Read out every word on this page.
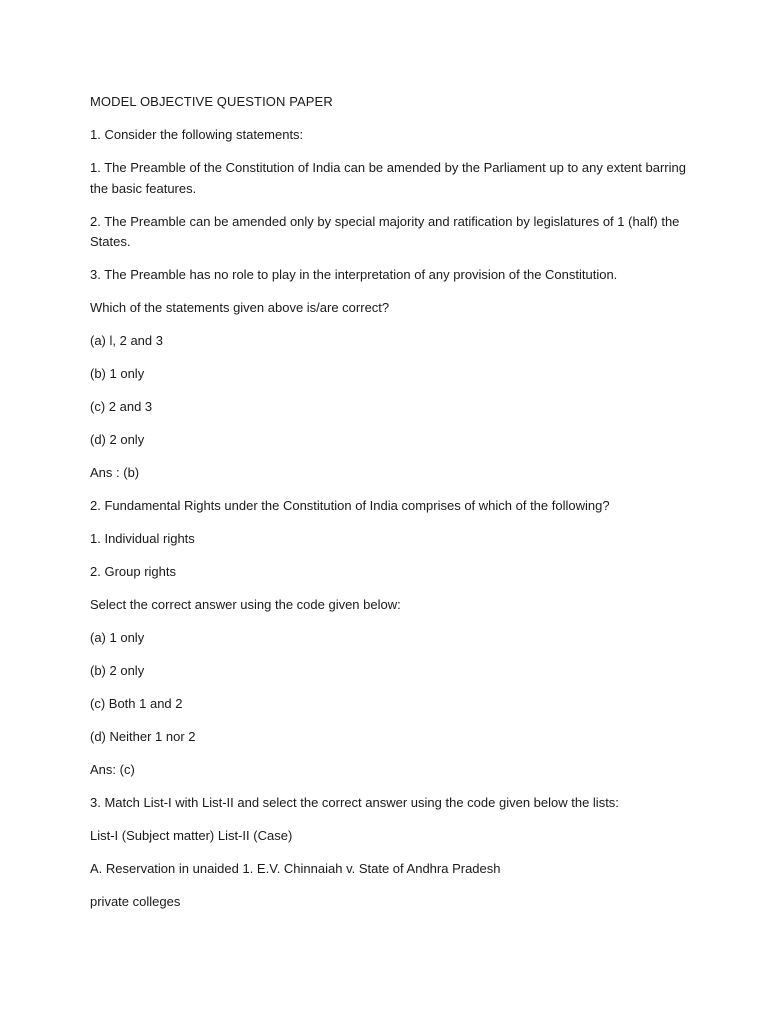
MODEL OBJECTIVE QUESTION PAPER
1. Consider the following statements:
1. The Preamble of the Constitution of India can be amended by the Parliament up to any extent barring the basic features.
2. The Preamble can be amended only by special majority and ratification by legislatures of 1 (half) the States.
3. The Preamble has no role to play in the interpretation of any provision of the Constitution.
Which of the statements given above is/are correct?
(a) l, 2 and 3
(b) 1 only
(c) 2 and 3
(d) 2 only
Ans : (b)
2. Fundamental Rights under the Constitution of India comprises of which of the following?
1. Individual rights
2. Group rights
Select the correct answer using the code given below:
(a) 1 only
(b) 2 only
(c) Both 1 and 2
(d) Neither 1 nor 2
Ans: (c)
3. Match List-I with List-II and select the correct answer using the code given below the lists:
List-I (Subject matter) List-II (Case)
A. Reservation in unaided 1. E.V. Chinnaiah v. State of Andhra Pradesh
private colleges
